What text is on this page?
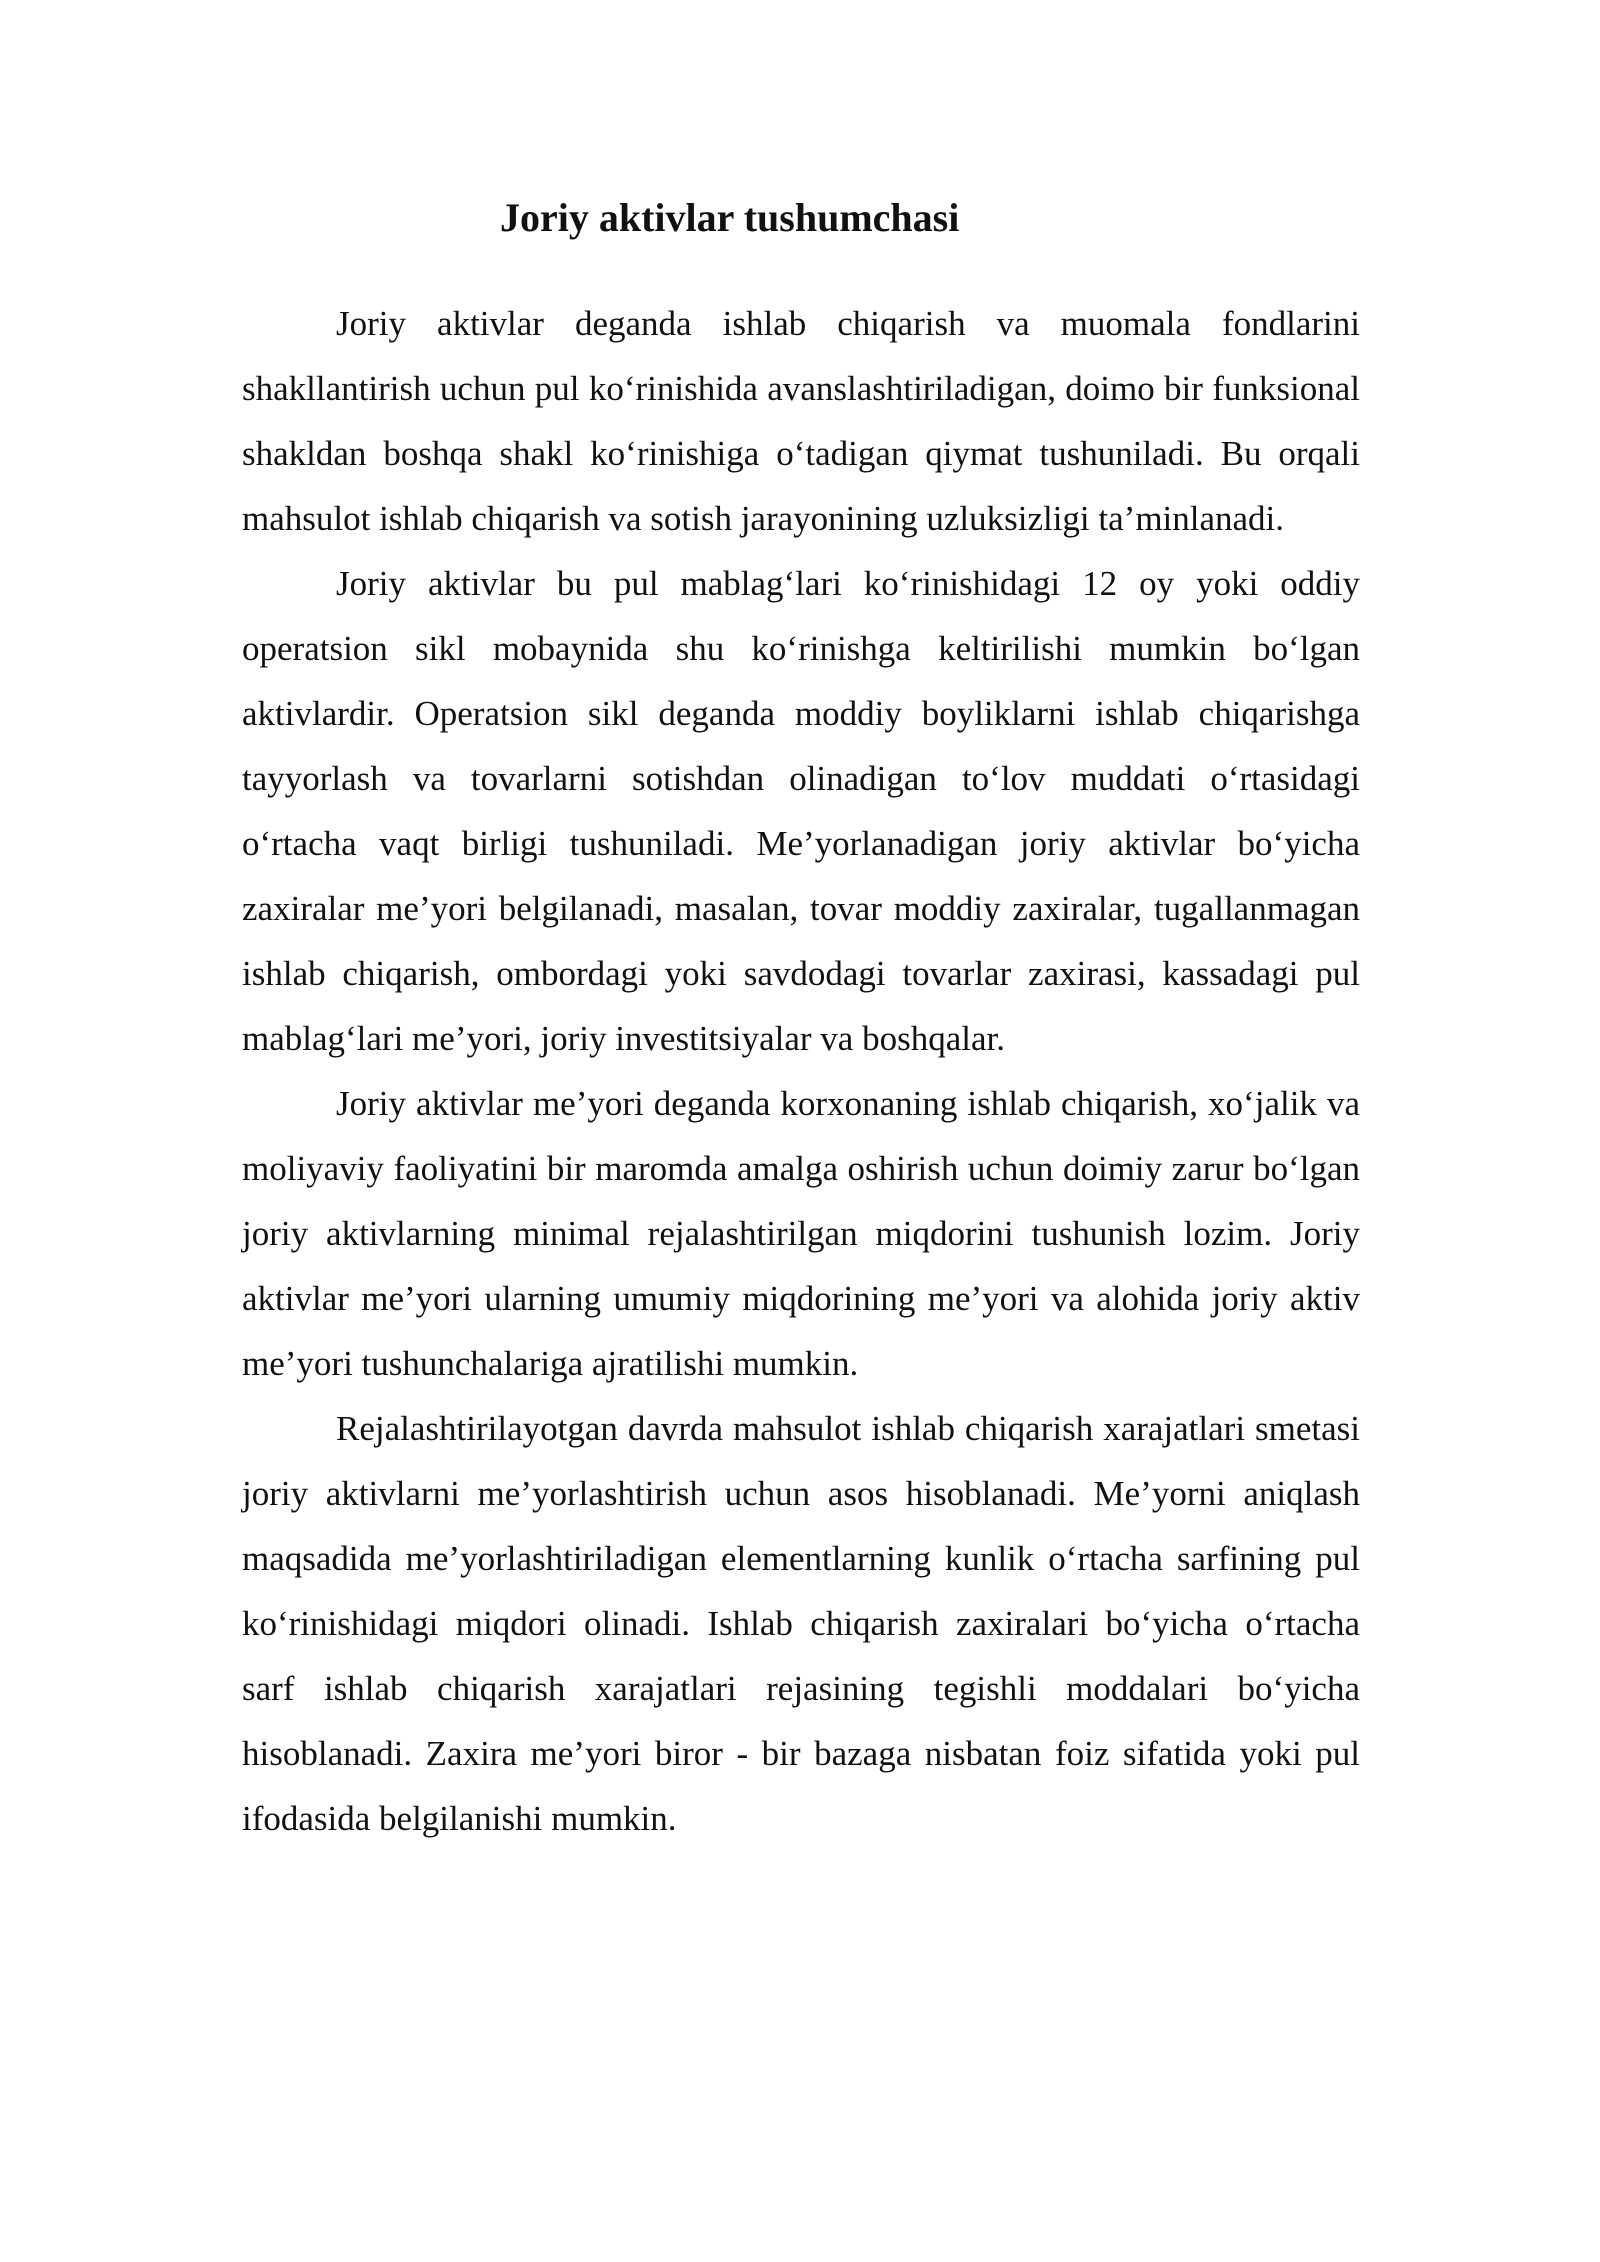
Joriy aktivlar tushumchasi

Joriy aktivlar deganda ishlab chiqarish va muomala fondlarini shakllantirish uchun pul ko‘rinishida avanslashtiriladigan, doimo bir funksional shakldan boshqa shakl ko‘rinishiga o‘tadigan qiymat tushuniladi. Bu orqali mahsulot ishlab chiqarish va sotish jarayonining uzluksizligi ta’minlanadi.

Joriy aktivlar bu pul mablag‘lari ko‘rinishidagi 12 oy yoki oddiy operatsion sikl mobaynida shu ko‘rinishga keltirilishi mumkin bo‘lgan aktivlardir. Operatsion sikl deganda moddiy boyliklarni ishlab chiqarishga tayyorlash va tovarlarni sotishdan olinadigan to‘lov muddati o‘rtasidagi o‘rtacha vaqt birligi tushuniladi. Me’yorlanadigan joriy aktivlar bo‘yicha zaxiralar me’yori belgilanadi, masalan, tovar moddiy zaxiralar, tugallanmagan ishlab chiqarish, ombordagi yoki savdodagi tovarlar zaxirasi, kassadagi pul mablag‘lari me’yori, joriy investitsiyalar va boshqalar.

Joriy aktivlar me’yori deganda korxonaning ishlab chiqarish, xo‘jalik va moliyaviy faoliyatini bir maromda amalga oshirish uchun doimiy zarur bo‘lgan joriy aktivlarning minimal rejalashtirilgan miqdorini tushunish lozim. Joriy aktivlar me’yori ularning umumiy miqdorining me’yori va alohida joriy aktiv me’yori tushunchalariga ajratilishi mumkin.

Rejalashtirilayotgan davrda mahsulot ishlab chiqarish xarajatlari smetasi joriy aktivlarni me’yorlashtirish uchun asos hisoblanadi. Me’yorni aniqlash maqsadida me’yorlashtiriladigan elementlarning kunlik o‘rtacha sarfining pul ko‘rinishidagi miqdori olinadi. Ishlab chiqarish zaxiralari bo‘yicha o‘rtacha sarf ishlab chiqarish xarajatlari rejasining tegishli moddalari bo‘yicha hisoblanadi. Zaxira me’yori biror - bir bazaga nisbatan foiz sifatida yoki pul ifodasida belgilanishi mumkin.
